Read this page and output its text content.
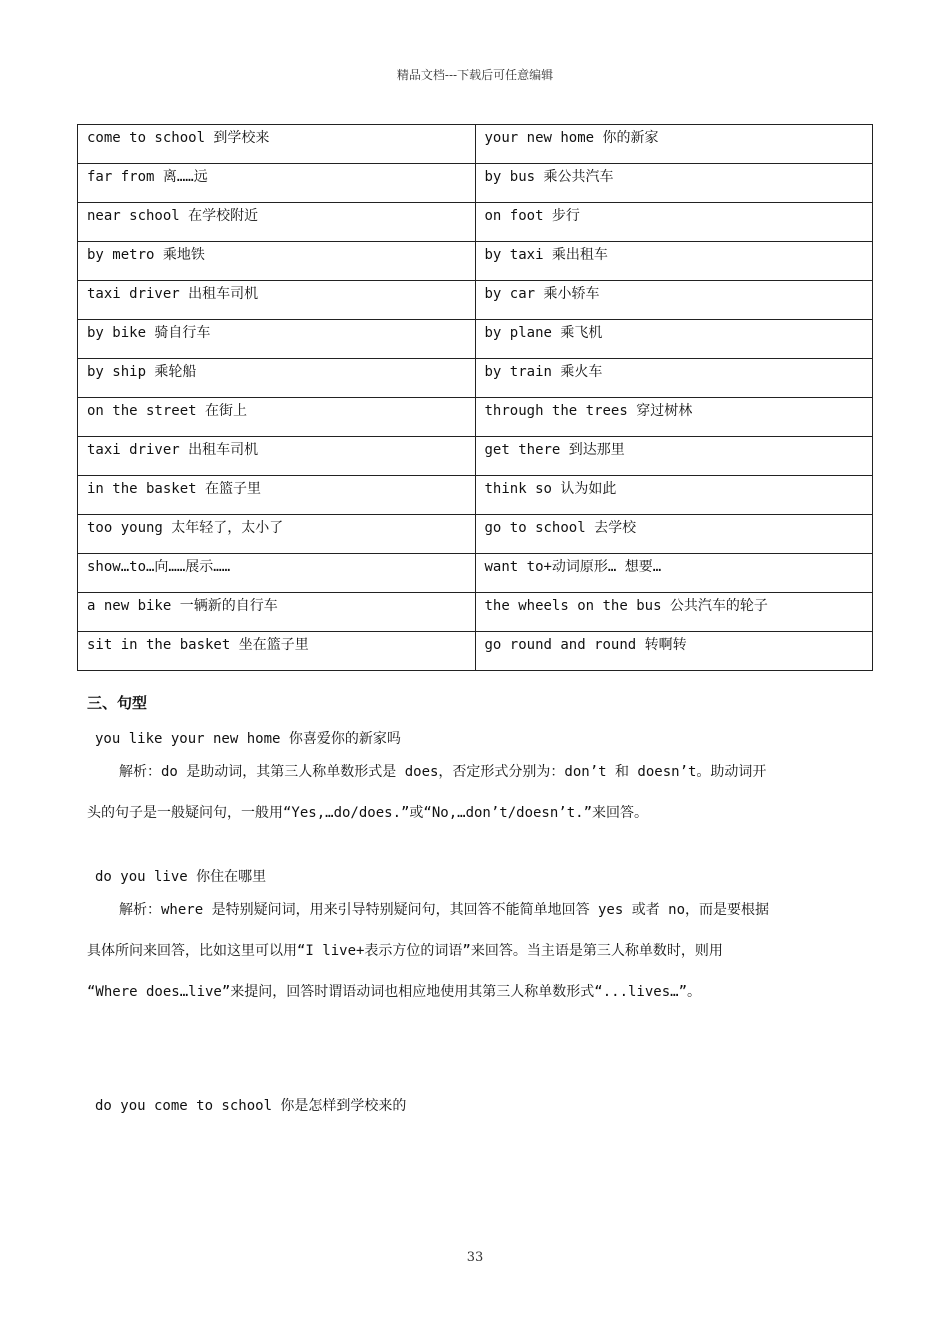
精品文档---下载后可任意编辑
come to school 到学校来	your new home 你的新家
far from 离……远	by bus 乘公共汽车
near school 在学校附近	on foot 步行
by metro 乘地铁	by taxi 乘出租车
taxi driver 出租车司机	by car 乘小轿车
by bike 骑自行车	by plane 乘飞机
by ship 乘轮船	by train 乘火车
on the street 在街上	through the trees 穿过树林
taxi driver 出租车司机	get there 到达那里
in the basket 在篮子里	think so 认为如此
too young 太年轻了，太小了	go to school 去学校
show…to…向……展示……	want to+动词原形… 想要…
a new bike 一辆新的自行车	the wheels on the bus 公共汽车的轮子
sit in the basket 坐在篮子里	go round and round 转啊转
三、句型
you like your new home 你喜爱你的新家吗
解析：do 是助动词，其第三人称单数形式是 does，否定形式分别为：don’t 和 doesn’t。助动词开
头的句子是一般疑问句，一般用“Yes,…do/does.”或“No,…don’t/doesn’t.”来回答。
do you live 你住在哪里
解析：where 是特别疑问词，用来引导特别疑问句，其回答不能简单地回答 yes 或者 no，而是要根据
具体所问来回答，比如这里可以用“I live+表示方位的词语”来回答。当主语是第三人称单数时，则用
“Where does…live”来提问，回答时谓语动词也相应地使用其第三人称单数形式“...lives…”。
do you come to school 你是怎样到学校来的
33
